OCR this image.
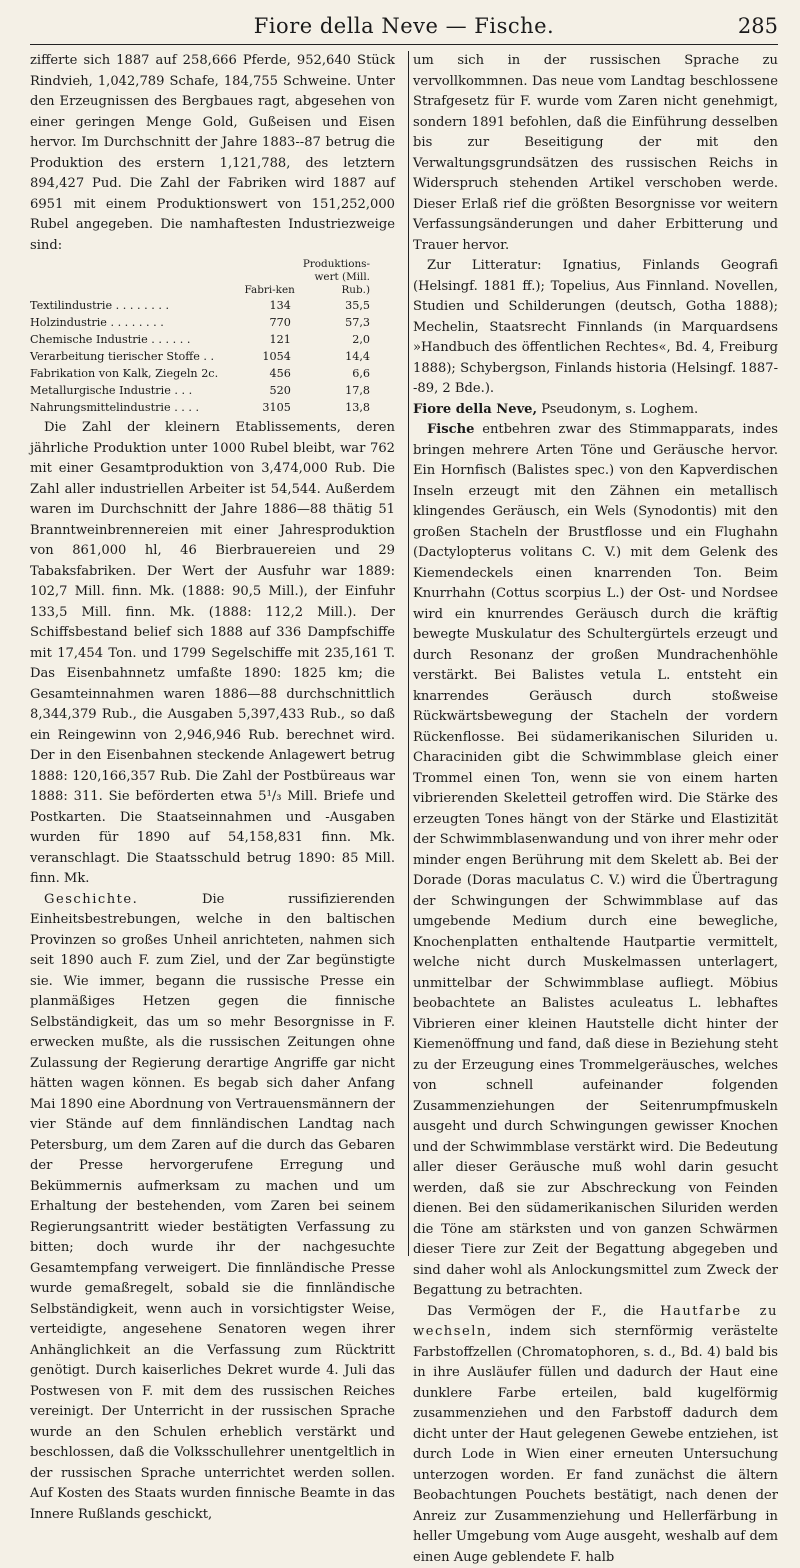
Fiore della Neve — Fische.	285

zifferte sich 1887 auf 258,666 Pferde, 952,640 Stück Rindvieh, 1,042,789 Schafe, 184,755 Schweine. Unter den Erzeugnissen des Bergbaues ragt, abgesehen von einer geringen Menge Gold, Gußeisen und Eisen hervor. Im Durchschnitt der Jahre 1883--87 betrug die Produktion des erstern 1,121,788, des letztern 894,427 Pud. Die Zahl der Fabriken wird 1887 auf 6951 mit einem Produktionswert von 151,252,000 Rubel angegeben. Die namhaftesten Industriezweige sind:

	Fabri-ken	Produktions-wert (Mill. Rub.)
Textilindustrie . . . . . . . .	134	35,5
Holzindustrie . . . . . . . .	770	57,3
Chemische Industrie . . . . . .	121	2,0
Verarbeitung tierischer Stoffe . .	1054	14,4
Fabrikation von Kalk, Ziegeln 2c.	456	6,6
Metallurgische Industrie . . .	520	17,8
Nahrungsmittelindustrie . . . .	3105	13,8

Die Zahl der kleinern Etablissements, deren jährliche Produktion unter 1000 Rubel bleibt, war 762 mit einer Gesamtproduktion von 3,474,000 Rub. Die Zahl aller industriellen Arbeiter ist 54,544. Außerdem waren im Durchschnitt der Jahre 1886—88 thätig 51 Branntweinbrennereien mit einer Jahresproduktion von 861,000 hl, 46 Bierbrauereien und 29 Tabaksfabriken. Der Wert der Ausfuhr war 1889: 102,7 Mill. finn. Mk. (1888: 90,5 Mill.), der Einfuhr 133,5 Mill. finn. Mk. (1888: 112,2 Mill.). Der Schiffsbestand belief sich 1888 auf 336 Dampfschiffe mit 17,454 Ton. und 1799 Segelschiffe mit 235,161 T. Das Eisenbahnnetz umfaßte 1890: 1825 km; die Gesamteinnahmen waren 1886—88 durchschnittlich 8,344,379 Rub., die Ausgaben 5,397,433 Rub., so daß ein Reingewinn von 2,946,946 Rub. berechnet wird. Der in den Eisenbahnen steckende Anlagewert betrug 1888: 120,166,357 Rub. Die Zahl der Postbüreaus war 1888: 311. Sie beförderten etwa 5¹/₃ Mill. Briefe und Postkarten. Die Staatseinnahmen und -Ausgaben wurden für 1890 auf 54,158,831 finn. Mk. veranschlagt. Die Staatsschuld betrug 1890: 85 Mill. finn. Mk.

Geschichte. Die russifizierenden Einheitsbestrebungen, welche in den baltischen Provinzen so großes Unheil anrichteten, nahmen sich seit 1890 auch F. zum Ziel, und der Zar begünstigte sie. Wie immer, begann die russische Presse ein planmäßiges Hetzen gegen die finnische Selbständigkeit, das um so mehr Besorgnisse in F. erwecken mußte, als die russischen Zeitungen ohne Zulassung der Regierung derartige Angriffe gar nicht hätten wagen können. Es begab sich daher Anfang Mai 1890 eine Abordnung von Vertrauensmännern der vier Stände auf dem finnländischen Landtag nach Petersburg, um dem Zaren auf die durch das Gebaren der Presse hervorgerufene Erregung und Bekümmernis aufmerksam zu machen und um Erhaltung der bestehenden, vom Zaren bei seinem Regierungsantritt wieder bestätigten Verfassung zu bitten; doch wurde ihr der nachgesuchte Gesamtempfang verweigert. Die finnländische Presse wurde gemaßregelt, sobald sie die finnländische Selbständigkeit, wenn auch in vorsichtigster Weise, verteidigte, angesehene Senatoren wegen ihrer Anhänglichkeit an die Verfassung zum Rücktritt genötigt. Durch kaiserliches Dekret wurde 4. Juli das Postwesen von F. mit dem des russischen Reiches vereinigt. Der Unterricht in der russischen Sprache wurde an den Schulen erheblich verstärkt und beschlossen, daß die Volksschullehrer unentgeltlich in der russischen Sprache unterrichtet werden sollen. Auf Kosten des Staats wurden finnische Beamte in das Innere Rußlands geschickt,

um sich in der russischen Sprache zu vervollkommnen. Das neue vom Landtag beschlossene Strafgesetz für F. wurde vom Zaren nicht genehmigt, sondern 1891 befohlen, daß die Einführung desselben bis zur Beseitigung der mit den Verwaltungsgrundsätzen des russischen Reichs in Widerspruch stehenden Artikel verschoben werde. Dieser Erlaß rief die größten Besorgnisse vor weitern Verfassungsänderungen und daher Erbitterung und Trauer hervor.

Zur Litteratur: Ignatius, Finlands Geografi (Helsingf. 1881 ff.); Topelius, Aus Finnland. Novellen, Studien und Schilderungen (deutsch, Gotha 1888); Mechelin, Staatsrecht Finnlands (in Marquardsens »Handbuch des öffentlichen Rechtes«, Bd. 4, Freiburg 1888); Schybergson, Finlands historia (Helsingf. 1887--89, 2 Bde.).

Fiore della Neve, Pseudonym, s. Loghem.

Fische entbehren zwar des Stimmapparats, indes bringen mehrere Arten Töne und Geräusche hervor. Ein Hornfisch (Balistes spec.) von den Kapverdischen Inseln erzeugt mit den Zähnen ein metallisch klingendes Geräusch, ein Wels (Synodontis) mit den großen Stacheln der Brustflosse und ein Flughahn (Dactylopterus volitans C. V.) mit dem Gelenk des Kiemendeckels einen knarrenden Ton. Beim Knurrhahn (Cottus scorpius L.) der Ost- und Nordsee wird ein knurrendes Geräusch durch die kräftig bewegte Muskulatur des Schultergürtels erzeugt und durch Resonanz der großen Mundrachenhöhle verstärkt. Bei Balistes vetula L. entsteht ein knarrendes Geräusch durch stoßweise Rückwärtsbewegung der Stacheln der vordern Rückenflosse. Bei südamerikanischen Siluriden u. Characiniden gibt die Schwimmblase gleich einer Trommel einen Ton, wenn sie von einem harten vibrierenden Skeletteil getroffen wird. Die Stärke des erzeugten Tones hängt von der Stärke und Elastizität der Schwimmblasenwandung und von ihrer mehr oder minder engen Berührung mit dem Skelett ab. Bei der Dorade (Doras maculatus C. V.) wird die Übertragung der Schwingungen der Schwimmblase auf das umgebende Medium durch eine bewegliche, Knochenplatten enthaltende Hautpartie vermittelt, welche nicht durch Muskelmassen unterlagert, unmittelbar der Schwimmblase aufliegt. Möbius beobachtete an Balistes aculeatus L. lebhaftes Vibrieren einer kleinen Hautstelle dicht hinter der Kiemenöffnung und fand, daß diese in Beziehung steht zu der Erzeugung eines Trommelgeräusches, welches von schnell aufeinander folgenden Zusammenziehungen der Seitenrumpfmuskeln ausgeht und durch Schwingungen gewisser Knochen und der Schwimmblase verstärkt wird. Die Bedeutung aller dieser Geräusche muß wohl darin gesucht werden, daß sie zur Abschreckung von Feinden dienen. Bei den südamerikanischen Siluriden werden die Töne am stärksten und von ganzen Schwärmen dieser Tiere zur Zeit der Begattung abgegeben und sind daher wohl als Anlockungsmittel zum Zweck der Begattung zu betrachten.

Das Vermögen der F., die Hautfarbe zu wechseln, indem sich sternförmig verästelte Farbstoffzellen (Chromatophoren, s. d., Bd. 4) bald bis in ihre Ausläufer füllen und dadurch der Haut eine dunklere Farbe erteilen, bald kugelförmig zusammenziehen und den Farbstoff dadurch dem dicht unter der Haut gelegenen Gewebe entziehen, ist durch Lode in Wien einer erneuten Untersuchung unterzogen worden. Er fand zunächst die ältern Beobachtungen Pouchets bestätigt, nach denen der Anreiz zur Zusammenziehung und Hellerfärbung in heller Umgebung vom Auge ausgeht, weshalb auf dem einen Auge geblendete F. halb
